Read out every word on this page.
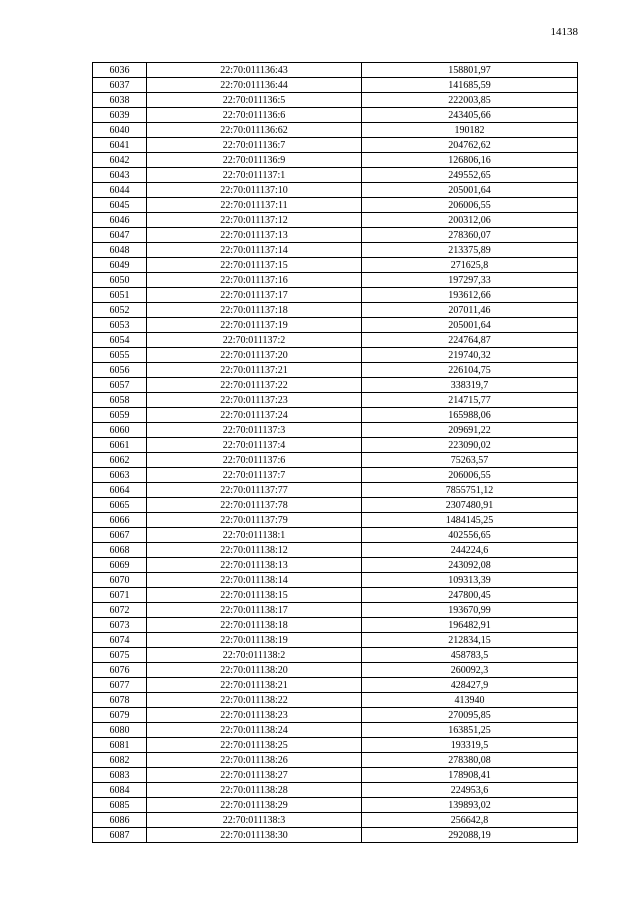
14138
6036	22:70:011136:43	158801,97
6037	22:70:011136:44	141685,59
6038	22:70:011136:5	222003,85
6039	22:70:011136:6	243405,66
6040	22:70:011136:62	190182
6041	22:70:011136:7	204762,62
6042	22:70:011136:9	126806,16
6043	22:70:011137:1	249552,65
6044	22:70:011137:10	205001,64
6045	22:70:011137:11	206006,55
6046	22:70:011137:12	200312,06
6047	22:70:011137:13	278360,07
6048	22:70:011137:14	213375,89
6049	22:70:011137:15	271625,8
6050	22:70:011137:16	197297,33
6051	22:70:011137:17	193612,66
6052	22:70:011137:18	207011,46
6053	22:70:011137:19	205001,64
6054	22:70:011137:2	224764,87
6055	22:70:011137:20	219740,32
6056	22:70:011137:21	226104,75
6057	22:70:011137:22	338319,7
6058	22:70:011137:23	214715,77
6059	22:70:011137:24	165988,06
6060	22:70:011137:3	209691,22
6061	22:70:011137:4	223090,02
6062	22:70:011137:6	75263,57
6063	22:70:011137:7	206006,55
6064	22:70:011137:77	7855751,12
6065	22:70:011137:78	2307480,91
6066	22:70:011137:79	1484145,25
6067	22:70:011138:1	402556,65
6068	22:70:011138:12	244224,6
6069	22:70:011138:13	243092,08
6070	22:70:011138:14	109313,39
6071	22:70:011138:15	247800,45
6072	22:70:011138:17	193670,99
6073	22:70:011138:18	196482,91
6074	22:70:011138:19	212834,15
6075	22:70:011138:2	458783,5
6076	22:70:011138:20	260092,3
6077	22:70:011138:21	428427,9
6078	22:70:011138:22	413940
6079	22:70:011138:23	270095,85
6080	22:70:011138:24	163851,25
6081	22:70:011138:25	193319,5
6082	22:70:011138:26	278380,08
6083	22:70:011138:27	178908,41
6084	22:70:011138:28	224953,6
6085	22:70:011138:29	139893,02
6086	22:70:011138:3	256642,8
6087	22:70:011138:30	292088,19
